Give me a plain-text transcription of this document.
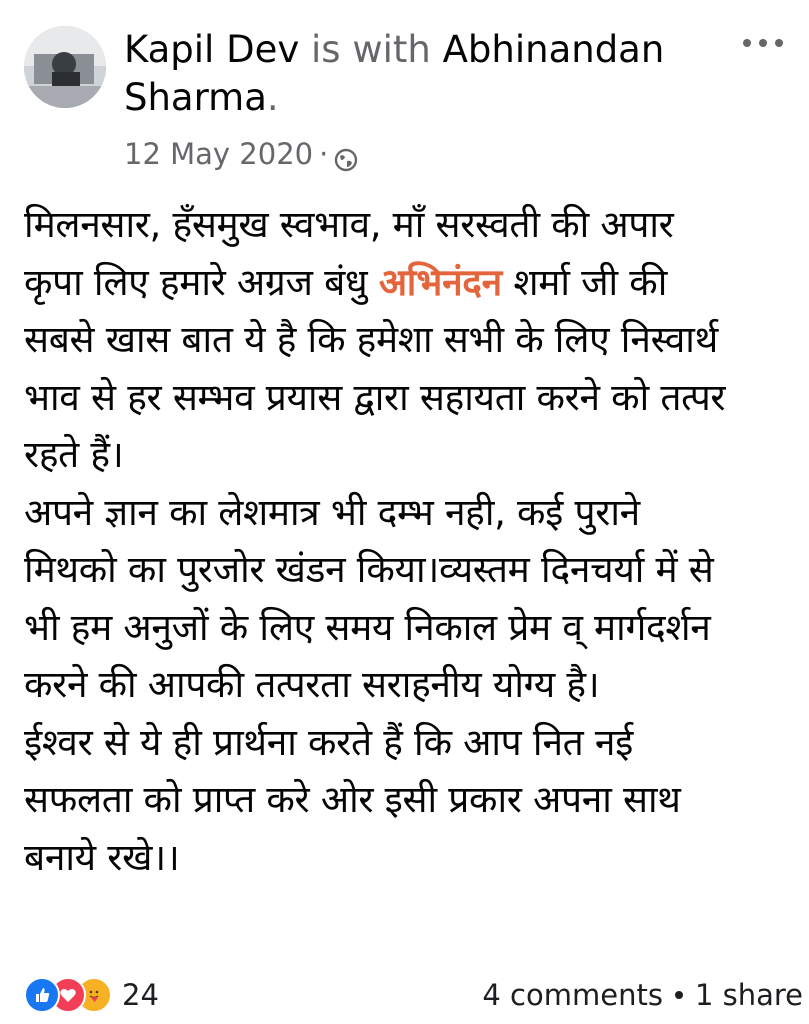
Kapil Dev is with Abhinandan Sharma.
12 May 2020 ·
मिलनसार, हँसमुख स्वभाव, माँ सरस्वती की अपार
कृपा लिए हमारे अग्रज बंधु अभिनंदन शर्मा जी की
सबसे खास बात ये है कि हमेशा सभी के लिए निस्वार्थ
भाव से हर सम्भव प्रयास द्वारा सहायता करने को तत्पर
रहते हैं।
अपने ज्ञान का लेशमात्र भी दम्भ नही, कई पुराने
मिथको का पुरजोर खंडन किया।व्यस्तम दिनचर्या में से
भी हम अनुजों के लिए समय निकाल प्रेम व् मार्गदर्शन
करने की आपकी तत्परता सराहनीय योग्य है।
ईश्वर से ये ही प्रार्थना करते हैं कि आप नित नई
सफलता को प्राप्त करे ओर इसी प्रकार अपना साथ
बनाये रखे।।
24	4 comments 1 share
